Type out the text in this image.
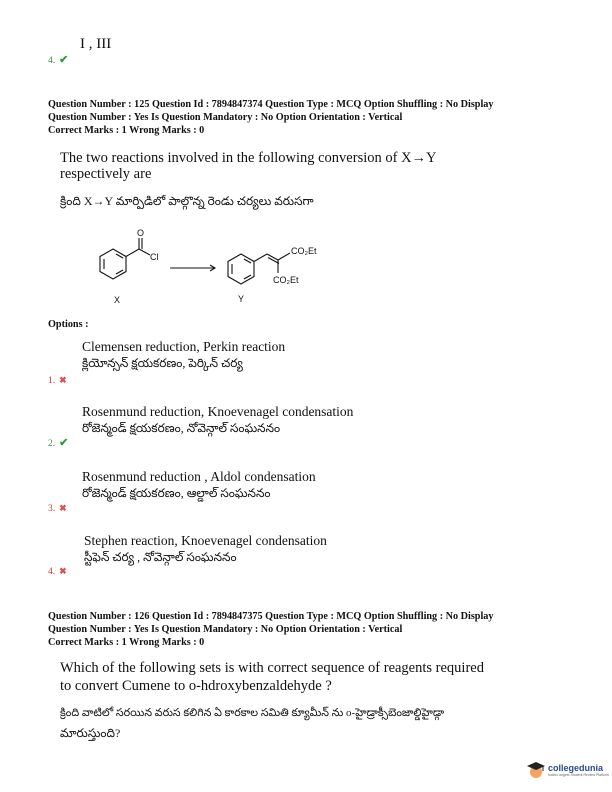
I , III
4. ✔
Question Number : 125 Question Id : 7894847374 Question Type : MCQ Option Shuffling : No Display
Question Number : Yes Is Question Mandatory : No Option Orientation : Vertical
Correct Marks : 1 Wrong Marks : 0
The two reactions involved in the following conversion of X→Y
respectively are
క్రింది X→Y మార్పిడిలో పాల్గొన్న రెండు చర్యలు వరుసగా
O
Cl
CO₂Et
CO₂Et
X	Y
Options :
Clemensen reduction, Perkin reaction
క్లియోన్సన్ క్షయకరణం, పెర్కిన్ చర్య
1. ✖
Rosenmund reduction, Knoevenagel condensation
రోజెన్మండ్ క్షయకరణం, నోవెన్గాల్ సంఘననం
2. ✔
Rosenmund reduction , Aldol condensation
రోజెన్మండ్ క్షయకరణం, ఆల్డాల్ సంఘననం
3. ✖
Stephen reaction, Knoevenagel condensation
స్టీఫెన్ చర్య , నోవెన్గాల్ సంఘననం
4. ✖
Question Number : 126 Question Id : 7894847375 Question Type : MCQ Option Shuffling : No Display
Question Number : Yes Is Question Mandatory : No Option Orientation : Vertical
Correct Marks : 1 Wrong Marks : 0
Which of the following sets is with correct sequence of reagents required
to convert Cumene to o-hdroxybenzaldehyde ?
క్రింది వాటిలో సరయిన వరుస కలిగిన ఏ కారకాల సమితి క్యూమీన్ ను o-హైడ్రాక్సీబెంజాల్డిహైడ్గా
మారుస్తుంది?
collegedunia
India's largest Student Review Platform
